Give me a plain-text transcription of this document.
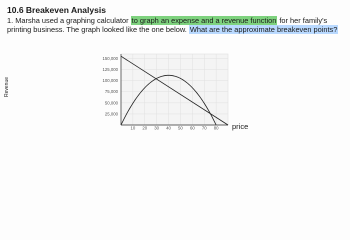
10.6 Breakeven Analysis

1. Marsha used a graphing calculator to graph an expense and a revenue function for her family's printing business. The graph looked like the one below. What are the approximate breakeven points?

Revenue
25,000
50,000
75,000
100,000
125,000
150,000
10 20 30 40 50 60 70 80 price
